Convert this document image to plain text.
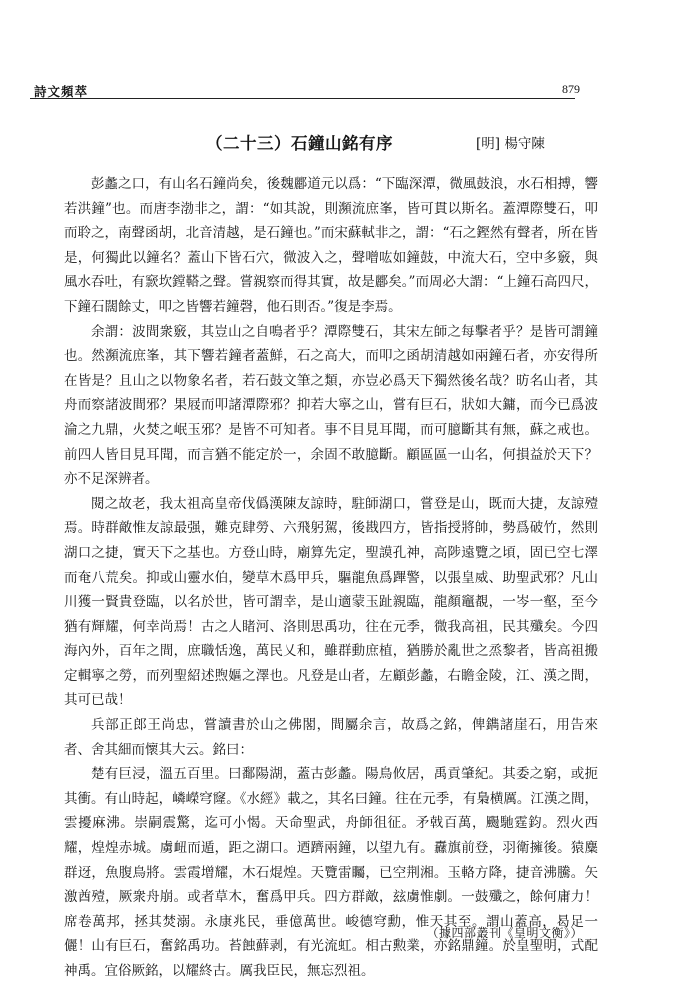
詩文頻萃	879
（二十三）石鐘山銘有序	[明] 楊守陳

彭蠡之口，有山名石鐘尚矣，後魏酈道元以爲：“下臨深潭，微風鼓浪，水石相搏，響若洪鐘”也。而唐李渤非之，謂：“如其說，則瀕流庶峯，皆可貫以斯名。蓋潭際雙石，叩而聆之，南聲函胡，北音清越，是石鐘也。”而宋蘇軾非之，謂：“石之鏗然有聲者，所在皆是，何獨此以鐘名？蓋山下皆石穴，微波入之，聲噌吰如鐘鼓，中流大石，空中多竅，與風水吞吐，有窾坎鏜鞳之聲。嘗親察而得其實，故是酈矣。”而周必大謂：“上鐘石高四尺，下鐘石闊餘丈，叩之皆響若鐘磬，他石則否。”復是李焉。

余謂：波間衆竅，其豈山之自鳴者乎？潭際雙石，其宋左師之每擊者乎？是皆可謂鐘也。然瀕流庶峯，其下響若鐘者蓋鮮，石之高大，而叩之函胡清越如兩鐘石者，亦安得所在皆是？且山之以物象名者，若石鼓文筆之類，亦豈必爲天下獨然後名哉？昉名山者，其舟而察諸波間邪？果屐而叩諸潭際邪？抑若大寧之山，嘗有巨石，狀如大鏞，而今已爲波淪之九鼎，火焚之岷玉邪？是皆不可知者。事不目見耳聞，而可臆斷其有無，蘇之戒也。前四人皆目見耳聞，而言猶不能定於一，余固不敢臆斷。顧區區一山名，何損益於天下？亦不足深辨者。

閱之故老，我太祖高皇帝伐僞漢陳友諒時，駐師湖口，嘗登是山，既而大捷，友諒殪焉。時群敵惟友諒最强，難克肆勞、六飛躬駕，後戡四方，皆指授將帥，勢爲破竹，然則湖口之捷，實天下之基也。方登山時，廟算先定，聖謨孔神，高陟遠覽之頃，固已空七澤而奄八荒矣。抑或山靈水伯，變草木爲甲兵，驅龍魚爲蹕警，以張皇威、助聖武邪？凡山川獲一賢貴登臨，以名於世，皆可謂幸，是山適蒙玉趾親臨，龍顏竈覩，一岑一壑，至今猶有輝耀，何幸尚焉！古之人睹河、洛則思禹功，往在元季，微我高祖，民其殲矣。今四海內外，百年之間，庶職恬逸，萬民乂和，雖群動庶植，猶勝於亂世之烝黎者，皆高祖搬定輯寧之勞，而列聖紹述煦嫗之澤也。凡登是山者，左顧彭蠡，右瞻金陵，江、漢之間，其可已哉！

兵部正郎王尚忠，嘗讀書於山之佛閣，間屬余言，故爲之銘，俾鐫諸崖石，用告來者、舍其細而懷其大云。銘曰：

楚有巨浸，溫五百里。曰鄱陽湖，蓋古彭蠡。陽鳥攸居，禹貢肇紀。其委之窮，或扼其衝。有山時起，嶙嶸穹窿。《水經》載之，其名曰鐘。往在元季，有梟横厲。江漢之間，雲擾麻沸。崇嗣震驚，迄可小愒。天命聖武，舟師徂征。矛戟百萬，颺馳霆鈞。烈火西耀，煌煌赤城。虜衄而遁，距之湖口。迺躋兩鐘，以望九有。纛旗前登，羽衛擁後。猿麋群迓，魚腹鳥將。雲霞增耀，木石焜煌。天覽雷矚，已空荆湘。玉輅方降，捷音沸騰。矢激酋殪，厥衆舟崩。或者草木，奮爲甲兵。四方群敵，玆虜惟劇。一鼓殲之，餘何庸力！席卷萬邦，拯其焚溺。永康兆民，垂億萬世。峻德穹勳，惟天其至。謂山蓋高，曷足一儷！山有巨石，奮銘禹功。苔蝕蘚剥，有光流虹。相古勲業，亦銘鼎鐘。於皇聖明，式配神禹。宜俗厥銘，以耀終古。厲我臣民，無忘烈祖。

（據四部叢刊《皇明文衡》）
